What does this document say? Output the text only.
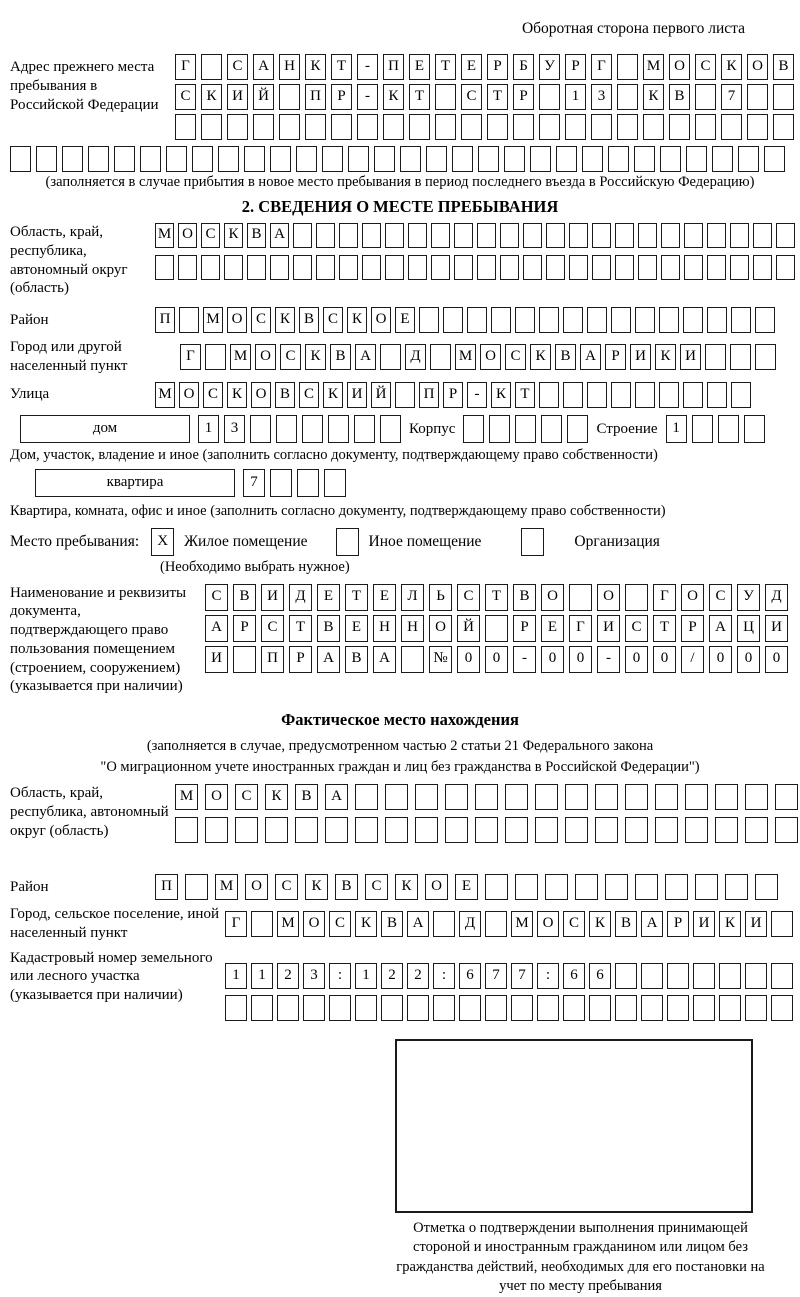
Оборотная сторона первого листа
Адрес прежнего места пребывания в Российской Федерации
Г	С	А	Н	К	Т	-	П	Е	Т	Е	Р	Б	У	Р	Г	М О	С	К	О	В
С	К	И	Й	П	Р	-	К	Т	С	Т	Р	1	3	К	В	7
(заполняется в случае прибытия в новое место пребывания в период последнего въезда в Российскую Федерацию)
2. СВЕДЕНИЯ О МЕСТЕ ПРЕБЫВАНИЯ
Область, край, республика, автономный округ (область)
М О С К В А
Район	П	М О С К В С К О Е
Город или другой населенный пункт
Г	М О С К В А	Д	М О С К В А	Р	И К И
Улица	М О С К О В С К И Й	П Р	-	К Т
дом	1	3	Корпус	Строение 1
Дом, участок, владение и иное (заполнить согласно документу, подтверждающему право собственности)
квартира	7
Квартира, комната, офис и иное (заполнить согласно документу, подтверждающему право собственности)
Место пребывания:	X	Жилое помещение	Иное помещение	Организация
(Необходимо выбрать нужное)
Наименование и реквизиты документа, подтверждающего право пользования помещением (строением, сооружением) (указывается при наличии)
С	В	И	Д	Е	Т	Е	Л	Ь	С	Т	В	О	О	Г	О	С	У	Д
А	Р	С	Т	В	Е	Н	Н	О	Й	Р	Е	Г	И	С	Т	Р	А	Ц	И
И	П	Р	А	В	А	№	0	0	-	0	0	-	0	0	/	0	0	0
Фактическое место нахождения
(заполняется в случае, предусмотренном частью 2 статьи 21 Федерального закона
"О миграционном учете иностранных граждан и лиц без гражданства в Российской Федерации")
Область, край, республика, автономный округ (область)
М	О	С	К	В	А
Район	П	М	О	С	К	В	С	К	О	Е
Город, сельское поселение, иной населенный пункт
Г	М О	С	К	В	А	Д	М О	С	К	В	А	Р	И	К	И
Кадастровый номер земельного или лесного участка (указывается при наличии)
1	1	2	3	:	1	2	2	:	6	7	7	:	6	6
Отметка о подтверждении выполнения принимающей стороной и иностранным гражданином или лицом без гражданства действий, необходимых для его постановки на учет по месту пребывания
